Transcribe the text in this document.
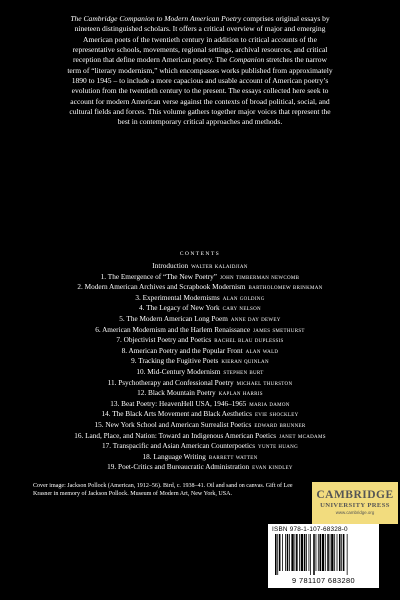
The Cambridge Companion to Modern American Poetry comprises original essays by
nineteen distinguished scholars. It offers a critical overview of major and emerging
American poets of the twentieth century in addition to critical accounts of the
representative schools, movements, regional settings, archival resources, and critical
reception that define modern American poetry. The Companion stretches the narrow
term of “literary modernism,” which encompasses works published from approximately
1890 to 1945 – to include a more capacious and usable account of American poetry’s
evolution from the twentieth century to the present. The essays collected here seek to
account for modern American verse against the contexts of broad political, social, and
cultural fields and forces. This volume gathers together major voices that represent the
best in contemporary critical approaches and methods.
CONTENTS
Introduction walter kalaidjian
1. The Emergence of “The New Poetry” john timberman newcomb
2. Modern American Archives and Scrapbook Modernism bartholomew brinkman
3. Experimental Modernisms alan golding
4. The Legacy of New York cary nelson
5. The Modern American Long Poem anne day dewey
6. American Modernism and the Harlem Renaissance james smethurst
7. Objectivist Poetry and Poetics rachel blau duplessis
8. American Poetry and the Popular Front alan wald
9. Tracking the Fugitive Poets kieran quinlan
10. Mid-Century Modernism stephen burt
11. Psychotherapy and Confessional Poetry michael thurston
12. Black Mountain Poetry kaplan harris
13. Beat Poetry: HeavenHell USA, 1946–1965 maria damon
14. The Black Arts Movement and Black Aesthetics evie shockley
15. New York School and American Surrealist Poetics edward brunner
16. Land, Place, and Nation: Toward an Indigenous American Poetics janet mcadams
17. Transpacific and Asian American Counterpoetics yunte huang
18. Language Writing barrett watten
19. Poet-Critics and Bureaucratic Administration evan kindley
Cover image: Jackson Pollock (American, 1912–56). Bird, c. 1938–41. Oil and sand on canvas. Gift of Lee
Krasner in memory of Jackson Pollock. Museum of Modern Art, New York, USA.	CAMBRIDGE
UNIVERSITY PRESS
www.cambridge.org
ISBN 978-1-107-68328-0
9 781107 683280
